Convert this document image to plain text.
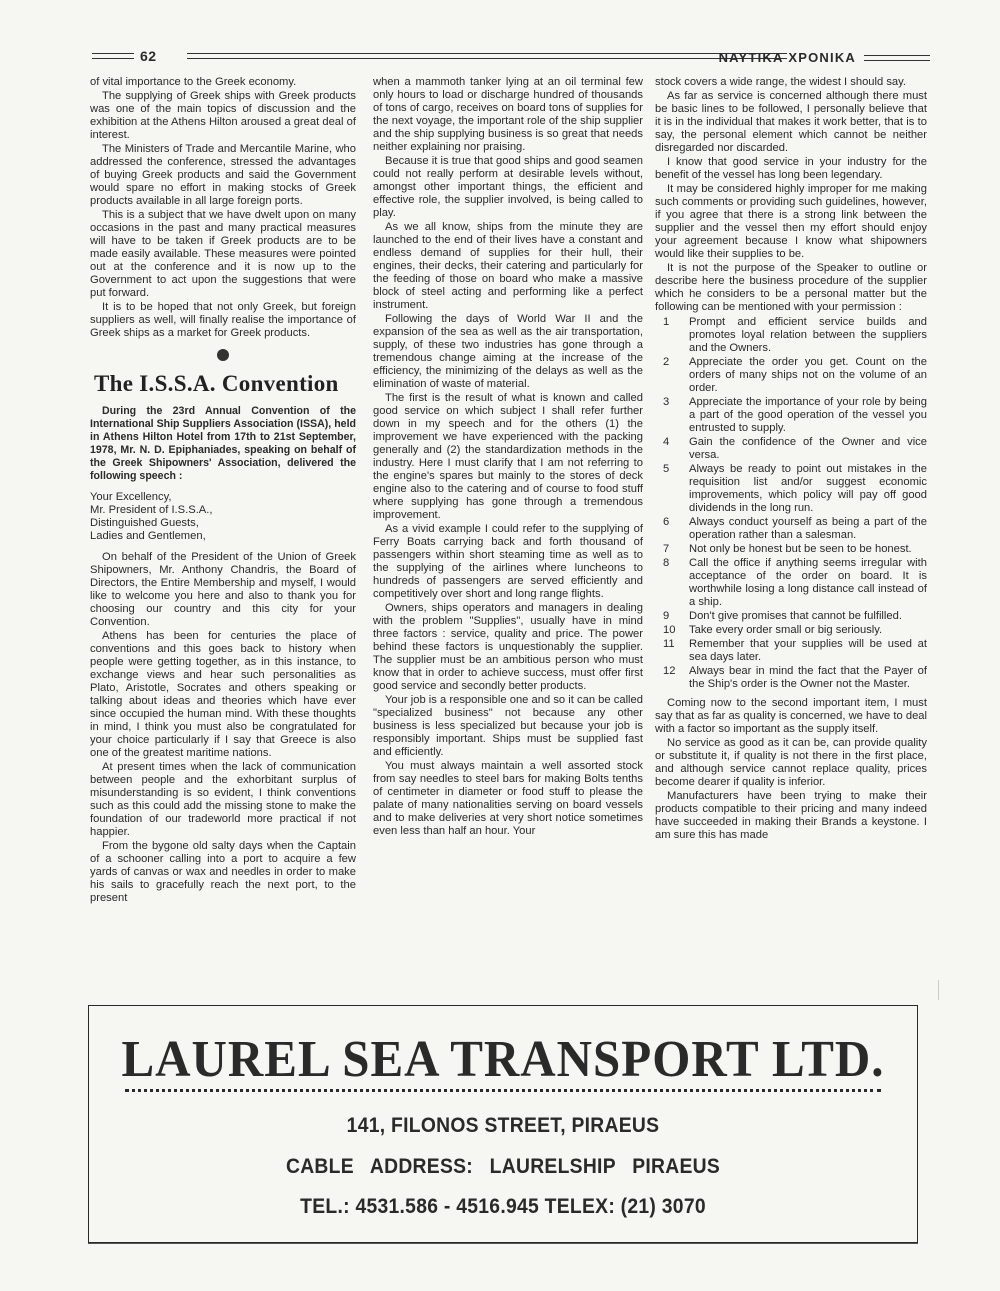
62	ΝΑΥΤΙΚΑ ΧΡΟΝΙΚΑ

of vital importance to the Greek economy.

The supplying of Greek ships with Greek products was one of the main topics of discussion and the exhibition at the Athens Hilton aroused a great deal of interest.

The Ministers of Trade and Mercantile Marine, who addressed the conference, stressed the advantages of buying Greek products and said the Government would spare no effort in making stocks of Greek products available in all large foreign ports.

This is a subject that we have dwelt upon on many occasions in the past and many practical measures will have to be taken if Greek products are to be made easily available. These measures were pointed out at the conference and it is now up to the Government to act upon the suggestions that were put forward.

It is to be hoped that not only Greek, but foreign suppliers as well, will finally realise the importance of Greek ships as a market for Greek products.

The I.S.S.A. Convention
During the 23rd Annual Convention of the International Ship Suppliers Association (ISSA), held in Athens Hilton Hotel from 17th to 21st September, 1978, Mr. N. D. Epiphaniades, speaking on behalf of the Greek Shipowners' Association, delivered the following speech :
Your Excellency,
Mr. President of I.S.S.A.,
Distinguished Guests,
Ladies and Gentlemen,

On behalf of the President of the Union of Greek Shipowners, Mr. Anthony Chandris, the Board of Directors, the Entire Membership and myself, I would like to welcome you here and also to thank you for choosing our country and this city for your Convention.

Athens has been for centuries the place of conventions and this goes back to history when people were getting together, as in this instance, to exchange views and hear such personalities as Plato, Aristotle, Socrates and others speaking or talking about ideas and theories which have ever since occupied the human mind. With these thoughts in mind, I think you must also be congratulated for your choice particularly if I say that Greece is also one of the greatest maritime nations.

At present times when the lack of communication between people and the exhorbitant surplus of misunderstanding is so evident, I think conventions such as this could add the missing stone to make the foundation of our tradeworld more practical if not happier.

From the bygone old salty days when the Captain of a schooner calling into a port to acquire a few yards of canvas or wax and needles in order to make his sails to gracefully reach the next port, to the present

when a mammoth tanker lying at an oil terminal few only hours to load or discharge hundred of thousands of tons of cargo, receives on board tons of supplies for the next voyage, the important role of the ship supplier and the ship supplying business is so great that needs neither explaining nor praising.

Because it is true that good ships and good seamen could not really perform at desirable levels without, amongst other important things, the efficient and effective role, the supplier involved, is being called to play.

As we all know, ships from the minute they are launched to the end of their lives have a constant and endless demand of supplies for their hull, their engines, their decks, their catering and particularly for the feeding of those on board who make a massive block of steel acting and performing like a perfect instrument.

Following the days of World War II and the expansion of the sea as well as the air transportation, supply, of these two industries has gone through a tremendous change aiming at the increase of the efficiency, the minimizing of the delays as well as the elimination of waste of material.

The first is the result of what is known and called good service on which subject I shall refer further down in my speech and for the others (1) the improvement we have experienced with the packing generally and (2) the standardization methods in the industry. Here I must clarify that I am not referring to the engine's spares but mainly to the stores of deck engine also to the catering and of course to food stuff where supplying has gone through a tremendous improvement.

As a vivid example I could refer to the supplying of Ferry Boats carrying back and forth thousand of passengers within short steaming time as well as to the supplying of the airlines where luncheons to hundreds of passengers are served efficiently and competitively over short and long range flights.

Owners, ships operators and managers in dealing with the problem "Supplies", usually have in mind three factors : service, quality and price. The power behind these factors is unquestionably the supplier. The supplier must be an ambitious person who must know that in order to achieve success, must offer first good service and secondly better products.

Your job is a responsible one and so it can be called "specialized business" not because any other business is less specialized but because your job is responsibly important. Ships must be supplied fast and efficiently.

You must always maintain a well assorted stock from say needles to steel bars for making Bolts tenths of centimeter in diameter or food stuff to please the palate of many nationalities serving on board vessels and to make deliveries at very short notice sometimes even less than half an hour. Your

stock covers a wide range, the widest I should say.

As far as service is concerned although there must be basic lines to be followed, I personally believe that it is in the individual that makes it work better, that is to say, the personal element which cannot be neither disregarded nor discarded.

I know that good service in your industry for the benefit of the vessel has long been legendary.

It may be considered highly improper for me making such comments or providing such guidelines, however, if you agree that there is a strong link between the supplier and the vessel then my effort should enjoy your agreement because I know what shipowners would like their supplies to be.

It is not the purpose of the Speaker to outline or describe here the business procedure of the supplier which he considers to be a personal matter but the following can be mentioned with your permission :

1	Prompt and efficient service builds and promotes loyal relation between the suppliers and the Owners.
2	Appreciate the order you get. Count on the orders of many ships not on the volume of an order.
3	Appreciate the importance of your role by being a part of the good operation of the vessel you entrusted to supply.
4	Gain the confidence of the Owner and vice versa.
5	Always be ready to point out mistakes in the requisition list and/or suggest economic improvements, which policy will pay off good dividends in the long run.
6	Always conduct yourself as being a part of the operation rather than a salesman.
7	Not only be honest but be seen to be honest.
8	Call the office if anything seems irregular with acceptance of the order on board. It is worthwhile losing a long distance call instead of a ship.
9	Don't give promises that cannot be fulfilled.
10	Take every order small or big seriously.
11	Remember that your supplies will be used at sea days later.
12	Always bear in mind the fact that the Payer of the Ship's order is the Owner not the Master.

Coming now to the second important item, I must say that as far as quality is concerned, we have to deal with a factor so important as the supply itself.

No service as good as it can be, can provide quality or substitute it, if quality is not there in the first place, and although service cannot replace quality, prices become dearer if quality is inferior.

Manufacturers have been trying to make their products compatible to their pricing and many indeed have succeeded in making their Brands a keystone. I am sure this has made

LAUREL SEA TRANSPORT LTD.
141, FILONOS STREET, PIRAEUS
CABLE ADDRESS: LAURELSHIP PIRAEUS
TEL.: 4531.586 - 4516.945 TELEX: (21) 3070
